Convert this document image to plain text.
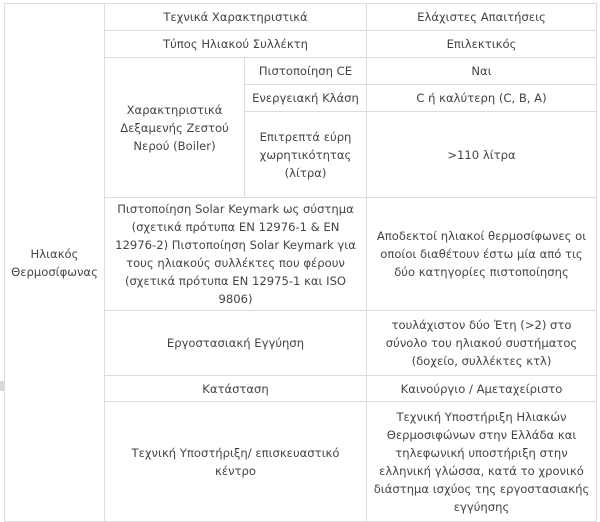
Ηλιακός Θερμοσίφωνας	Τεχνικά Χαρακτηριστικά		Ελάχιστες Απαιτήσεις
	Τύπος Ηλιακού Συλλέκτη		Επιλεκτικός
	Χαρακτηριστικά Δεξαμενής Ζεστού Νερού (Boiler)	Πιστοποίηση CE	Ναι
		Ενεργειακή Κλάση	C ή καλύτερη (C, B, A)
		Επιτρεπτά εύρη χωρητικότητας (λίτρα)	>110 λίτρα
	Πιστοποίηση Solar Keymark ως σύστημα (σχετικά πρότυπα EN 12976-1 & EN 12976-2) Πιστοποίηση Solar Keymark για τους ηλιακούς συλλέκτες που φέρουν (σχετικά πρότυπα EN 12975-1 και ISO 9806)		Αποδεκτοί ηλιακοί θερμοσίφωνες οι οποίοι διαθέτουν έστω μία από τις δύο κατηγορίες πιστοποίησης
	Εργοστασιακή Εγγύηση		τουλάχιστον δύο Έτη (>2) στο σύνολο του ηλιακού συστήματος (δοχείο, συλλέκτες κτλ)
	Κατάσταση		Καινούργιο / Αμεταχείριστο
	Τεχνική Υποστήριξη/ επισκευαστικό κέντρο		Τεχνική Υποστήριξη Ηλιακών Θερμοσιφώνων στην Ελλάδα και τηλεφωνική υποστήριξη στην ελληνική γλώσσα, κατά το χρονικό διάστημα ισχύος της εργοστασιακής εγγύησης
